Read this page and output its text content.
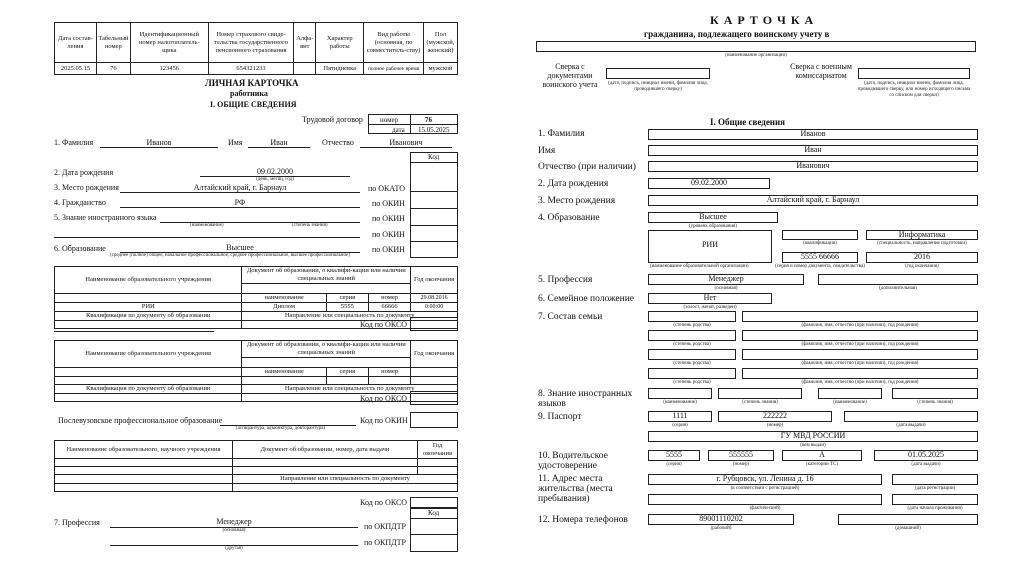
Дата состав-ления	Табельный номер	Идентификационный номер налогоплатель-щика	Номер страхового свиде-тельства государственного пенсионного страхования	Алфа-вит	Характер работы	Вид работы (основная, по совместитель-ству)	Пол (мужской, женский)
2025.05.15	76	123456	654321233		Пятидневка	полное рабочее время	мужской
ЛИЧНАЯ КАРТОЧКА
работника
I. ОБЩИЕ СВЕДЕНИЯ
Трудовой договор номер	76
дата 15.05.2025
1. Фамилия	Иванов	Имя	Иван	Отчество	Иванович
Код
2. Дата рождения	09.02.2000
(день, месяц, год)
3. Место рождения	Алтайский край, г. Барнаул	по ОКАТО
4. Гражданство	РФ	по ОКИН
5. Знание иностранного языка
(наименование)	(степень знания)
по ОКИН
по ОКИН
6. Образование	Высшее
(среднее (полное) общее, начальное профессиональное, среднее профессиональное, высшее профессиональное)
по ОКИН
Наименование образовательного учреждения	Документ об образовании, о квалифи-кации или наличии специальных знаний			Год окончания

	наименование	серия	номер	29.08.2016
РИИ	Диплом	5555	66666	0:00:00
Квалификация по документу об образовании	Направление или специальность по документу			

Код по ОКСО
Наименование образовательного учреждения	Документ об образовании, о квалифи-кации или наличии специальных знаний			Год окончания

	наименование	серия	номер	

Квалификация по документу об образовании	Направление или специальность по документу			

Код по ОКСО
Послевузовское профессиональное образование
(аспирантура, адъюнктура, докторантура)
Код по ОКИН
Наименование образовательного, научного учреждения	Документ об образовании, номер, дата выдачи	Год окончания

	Направление или специальность по документу	

Код по ОКСО
Код
7. Профессия	Менеджер
(основная)	по ОКПДТР
(другая)
по ОКПДТР
К А Р Т О Ч К А
гражданина, подлежащего воинскому учету в
(наименование организации)
Сверка с документами воинского учета	(дата, подпись, инициал имени, фамилия лица, проводившего сверку)
Сверка с военным комиссариатом
(дата, подпись, инициал имени, фамилия лица, проводившего сверку, или номер исходящего письма со списком для сверки)
I. Общие сведения
1. Фамилия	Иванов
Имя	Иван
Отчество (при наличии)	Иванович
2. Дата рождения	09.02.2000
3. Место рождения	Алтайский край, г. Барнаул
4. Образование	Высшее
(уровень образования)
РИИ
(наименование образовательной организации)
(квалификация)
Информатика
(специальность, направление подготовки)
5555 66666
(серия и номер документа, свидетельства)
2016
(год окончания)
5. Профессия	Менеджер
(основная)	(дополнительная)
6. Семейное положение	Нет
(холост, женат, разведен)
7. Состав семьи
(степень родства)	(фамилия, имя, отчество (при наличии), год рождения)
(степень родства)	(фамилия, имя, отчество (при наличии), год рождения)
(степень родства)	(фамилия, имя, отчество (при наличии), год рождения)
(степень родства)	(фамилия, имя, отчество (при наличии), год рождения)
8. Знание иностранных языков	(наименование)	(степень знания)	(наименование)	(степень знания)
9. Паспорт	1111
(серия)
222222
(номер)	(дата выдачи)
ГУ МВД РОССИИ
(кем выдан)
10. Водительское удостоверение
5555
(серия)
555555
(номер)
A
(категории ТС)
01.05.2025
(дата выдачи)
11. Адрес места жительства (места пребывания)
г. Рубцовск, ул. Ленина д. 16
(в соответствии с регистрацией)	(дата регистрации)
(фактический)	(дата начала проживания)
12. Номера телефонов	89001110202
(рабочий)	(домашний)
